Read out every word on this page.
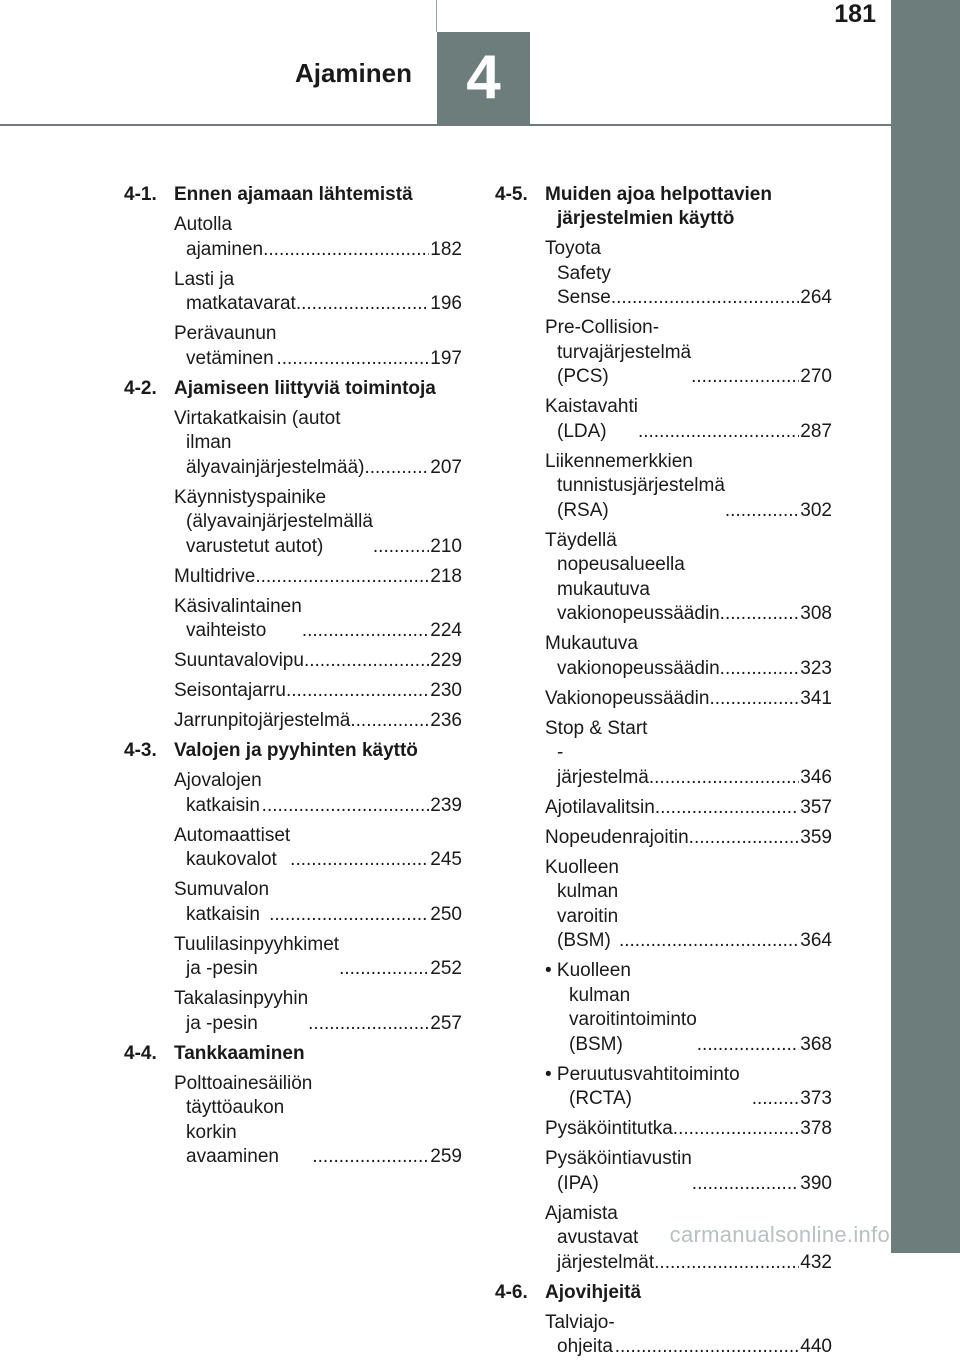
181
Ajaminen 4
4-1. Ennen ajamaan lähtemistä
Autolla ajaminen .....	182
Lasti ja matkatavarat .....	196
Perävaunun vetäminen .....	197
4-2. Ajamiseen liittyviä toimintoja
Virtakatkaisin (autot ilman älyavainjärjestelmää) .....	207
Käynnistyspainike (älyavainjärjestelmällä varustetut autot) .....	210
Multidrive .....	218
Käsivalintainen vaihteisto .....	224
Suuntavalovipu .....	229
Seisontajarru .....	230
Jarrunpitojärjestelmä .....	236
4-3. Valojen ja pyyhinten käyttö
Ajovalojen katkaisin .....	239
Automaattiset kaukovalot .....	245
Sumuvalon katkaisin .....	250
Tuulilasinpyyhkimet ja -pesin .....	252
Takalasinpyyhin ja -pesin .....	257
4-4. Tankkaaminen
Polttoainesäiliön täyttöaukon korkin avaaminen .....	259
4-5. Muiden ajoa helpottavien järjestelmien käyttö
Toyota Safety Sense .....	264
Pre-Collision-turvajärjestelmä (PCS) .....	270
Kaistavahti (LDA) .....	287
Liikennemerkkien tunnistusjärjestelmä (RSA) .....	302
Täydellä nopeusalueella mukautuva vakionopeussäädin .....	308
Mukautuva vakionopeussäädin .....	323
Vakionopeussäädin .....	341
Stop & Start -järjestelmä .....	346
Ajotilavalitsin .....	357
Nopeudenrajoitin .....	359
Kuolleen kulman varoitin (BSM) .....	364
• Kuolleen kulman varoitintoiminto (BSM) .....	368
• Peruutusvahtitoiminto (RCTA) .....	373
Pysäköintitutka .....	378
Pysäköintiavustin (IPA) .....	390
Ajamista avustavat järjestelmät .....	432
4-6. Ajovihjeitä
Talviajo-ohjeita .....	440
carmanualsonline.info
